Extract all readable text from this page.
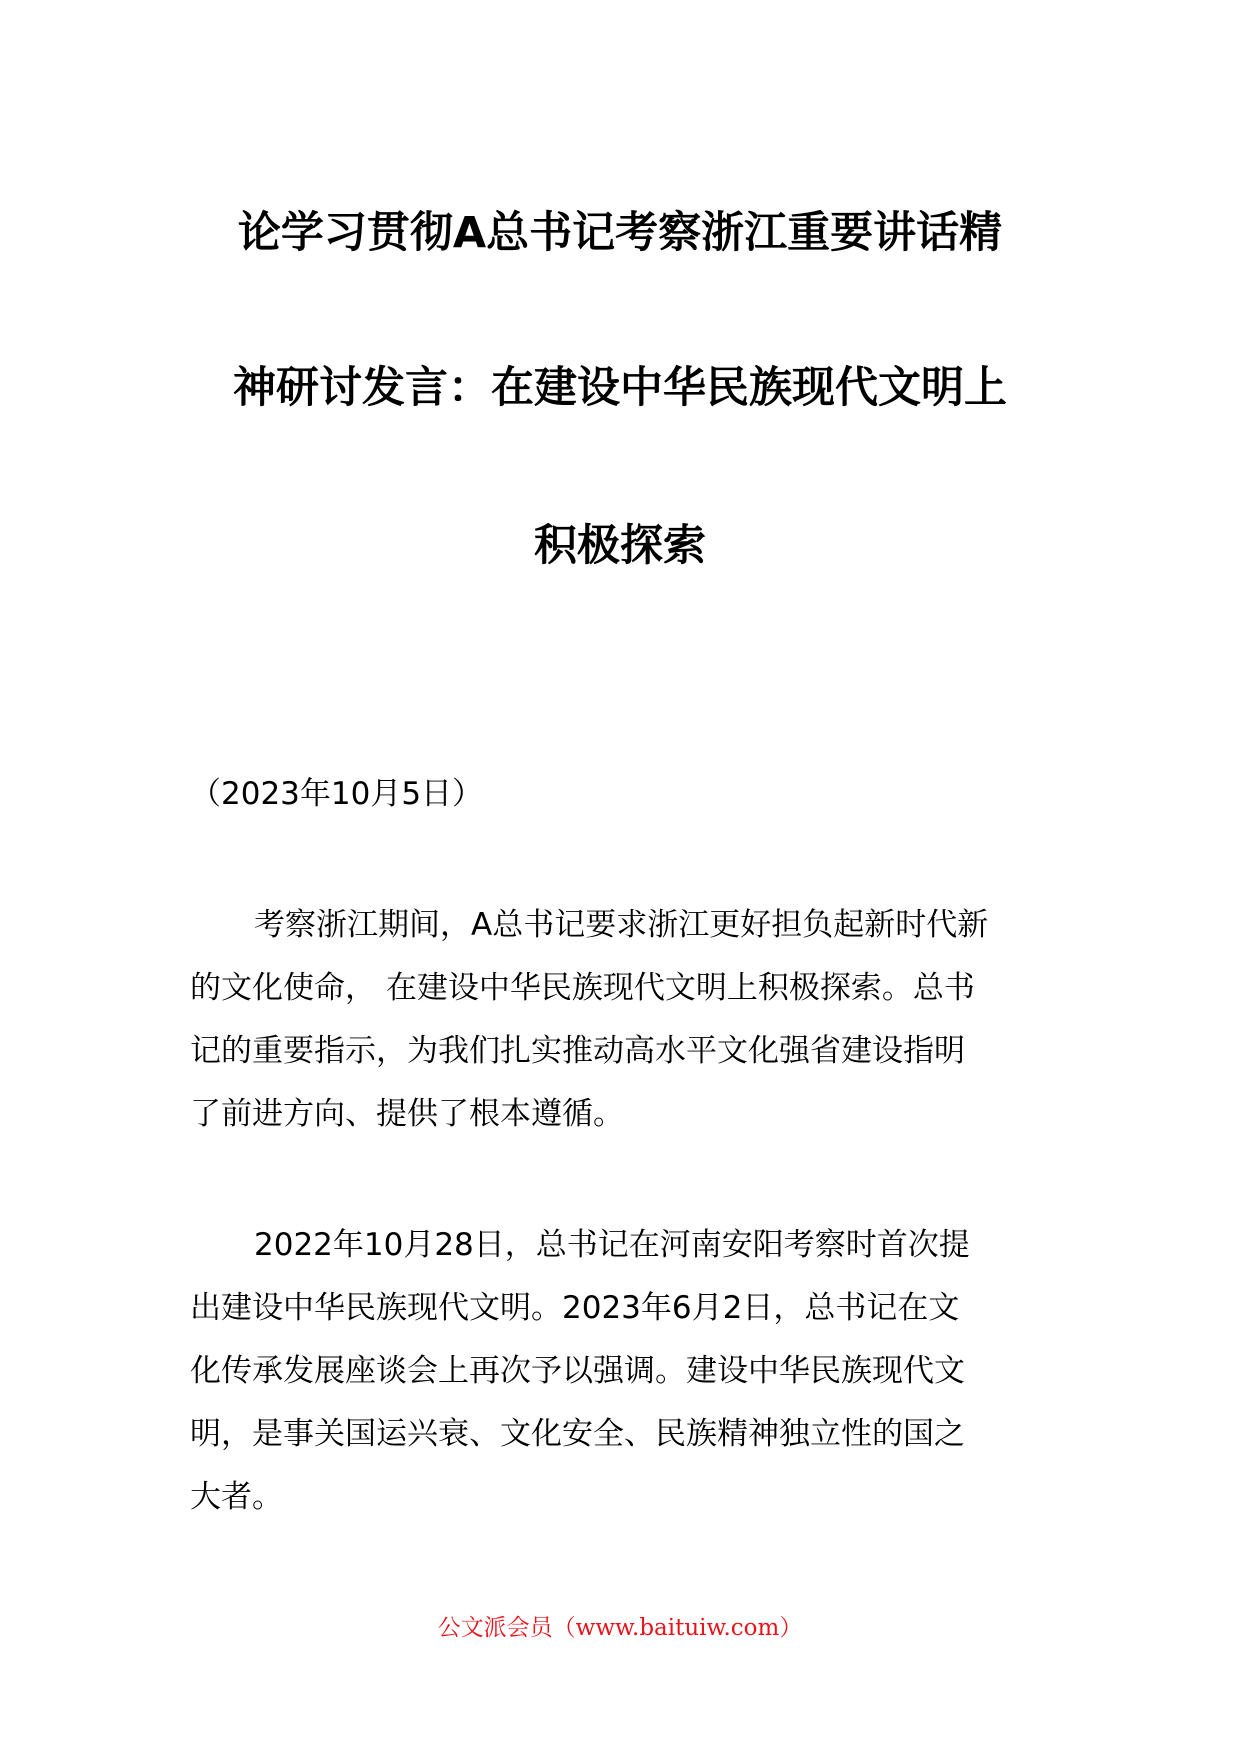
论学习贯彻A总书记考察浙江重要讲话精
神研讨发言：在建设中华民族现代文明上
积极探索
（2023年10月5日）
考察浙江期间，A总书记要求浙江更好担负起新时代新
的文化使命， 在建设中华民族现代文明上积极探索。总书
记的重要指示，为我们扎实推动高水平文化强省建设指明
了前进方向、提供了根本遵循。
2022年10月28日，总书记在河南安阳考察时首次提
出建设中华民族现代文明。2023年6月2日，总书记在文
化传承发展座谈会上再次予以强调。建设中华民族现代文
明，是事关国运兴衰、文化安全、民族精神独立性的国之
大者。
公文派会员（www.baituiw.com）
